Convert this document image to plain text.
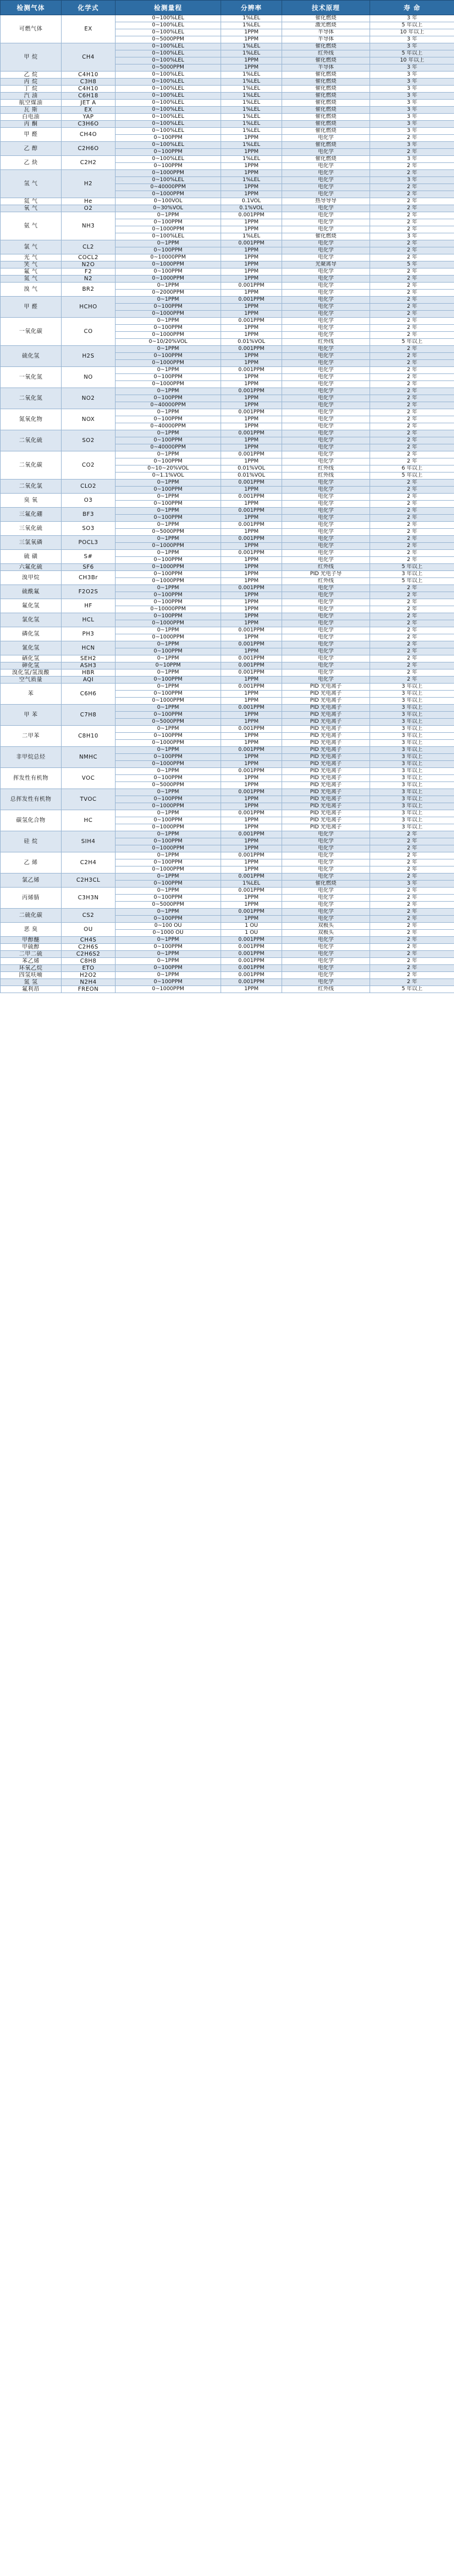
检测气体	化学式	检测量程	分辨率	技术原理	寿 命
可燃气体	EX	0~100%LEL	1%LEL	催化燃烧	3 年
		0~100%LEL	1%LEL	激光燃烧	5 年以上
		0~100%LEL	1PPM	半导体	10 年以上
		0~5000PPM	1PPM	半导体	3 年
甲 烷	CH4	0~100%LEL	1%LEL	催化燃烧	3 年
		0~100%LEL	1%LEL	红外线	5 年以上
		0~100%LEL	1PPM	催化燃烧	10 年以上
		0~5000PPM	1PPM	半导体	3 年
乙 烷	C4H10	0~100%LEL	1%LEL	催化燃烧	3 年
丙 烷	C3H8	0~100%LEL	1%LEL	催化燃烧	3 年
丁 烷	C4H10	0~100%LEL	1%LEL	催化燃烧	3 年
汽 油	C6H18	0~100%LEL	1%LEL	催化燃烧	3 年
航空煤油	JET A	0~100%LEL	1%LEL	催化燃烧	3 年
瓦 斯	EX	0~100%LEL	1%LEL	催化燃烧	3 年
白电油	YAP	0~100%LEL	1%LEL	催化燃烧	3 年
丙 酮	C3H6O	0~100%LEL	1%LEL	催化燃烧	3 年
甲 醛	CH4O	0~100%LEL	1%LEL	催化燃烧	3 年
		0~100PPM	1PPM	电化学	2 年
乙 醇	C2H6O	0~100%LEL	1%LEL	催化燃烧	3 年
		0~100PPM	1PPM	电化学	2 年
乙 炔	C2H2	0~100%LEL	1%LEL	催化燃烧	3 年
		0~100PPM	1PPM	电化学	2 年
氢 气	H2	0~1000PPM	1PPM	电化学	2 年
		0~100%LEL	1%LEL	电化学	3 年
		0~40000PPM	1PPM	电化学	2 年
		0~1000PPM	1PPM	电化学	2 年
氦 气	He	0~100VOL	0.1VOL	热导导导	2 年
氧 气	O2	0~30%VOL	0.1%VOL	电化学	2 年
氨 气	NH3	0~1PPM	0.001PPM	电化学	2 年
		0~100PPM	1PPM	电化学	2 年
		0~1000PPM	1PPM	电化学	2 年
		0~100%LEL	1%LEL	催化燃烧	3 年
氯 气	CL2	0~1PPM	0.001PPM	电化学	2 年
		0~100PPM	1PPM	电化学	2 年
光 气	COCL2	0~10000PPM	1PPM	电化学	2 年
笑 气	N2O	0~1000PPM	1PPM	光聚离导	5 年
氟 气	F2	0~100PPM	1PPM	电化学	2 年
氮 气	N2	0~1000PPM	1PPM	电化学	2 年
溴 气	BR2	0~1PPM	0.001PPM	电化学	2 年
		0~2000PPM	1PPM	电化学	2 年
甲 醛	HCHO	0~1PPM	0.001PPM	电化学	2 年
		0~100PPM	1PPM	电化学	2 年
		0~1000PPM	1PPM	电化学	2 年
一氧化碳	CO	0~1PPM	0.001PPM	电化学	2 年
		0~100PPM	1PPM	电化学	2 年
		0~1000PPM	1PPM	电化学	2 年
		0~10/20%VOL	0.01%VOL	红外线	5 年以上
硫化氢	H2S	0~1PPM	0.001PPM	电化学	2 年
		0~100PPM	1PPM	电化学	2 年
		0~1000PPM	1PPM	电化学	2 年
一氧化氮	NO	0~1PPM	0.001PPM	电化学	2 年
		0~100PPM	1PPM	电化学	2 年
		0~1000PPM	1PPM	电化学	2 年
二氧化氮	NO2	0~1PPM	0.001PPM	电化学	2 年
		0~100PPM	1PPM	电化学	2 年
		0~40000PPM	1PPM	电化学	2 年
氮氧化物	NOX	0~1PPM	0.001PPM	电化学	2 年
		0~100PPM	1PPM	电化学	2 年
		0~40000PPM	1PPM	电化学	2 年
二氧化硫	SO2	0~1PPM	0.001PPM	电化学	2 年
		0~100PPM	1PPM	电化学	2 年
		0~40000PPM	1PPM	电化学	2 年
二氧化碳	CO2	0~1PPM	0.001PPM	电化学	2 年
		0~100PPM	1PPM	电化学	2 年
		0~10~20%VOL	0.01%VOL	红外线	6 年以上
		0~1.1%VOL	0.01%VOL	红外线	5 年以上
二氧化氯	CLO2	0~1PPM	0.001PPM	电化学	2 年
		0~100PPM	1PPM	电化学	2 年
臭 氧	O3	0~1PPM	0.001PPM	电化学	2 年
		0~100PPM	1PPM	电化学	2 年
三氟化硼	BF3	0~1PPM	0.001PPM	电化学	2 年
		0~100PPM	1PPM	电化学	2 年
三氧化硫	SO3	0~1PPM	0.001PPM	电化学	2 年
		0~5000PPM	1PPM	电化学	2 年
三氯氧磷	POCL3	0~1PPM	0.001PPM	电化学	2 年
		0~1000PPM	1PPM	电化学	2 年
硫 磺	S#	0~1PPM	0.001PPM	电化学	2 年
		0~100PPM	1PPM	电化学	2 年
六氟化硫	SF6	0~1000PPM	1PPM	红外线	5 年以上
溴甲烷	CH3Br	0~100PPM	1PPM	PID 光电子导	3 年以上
		0~1000PPM	1PPM	红外线	5 年以上
硫酰氟	F2O2S	0~1PPM	0.001PPM	电化学	2 年
		0~100PPM	1PPM	电化学	2 年
氟化氢	HF	0~100PPM	1PPM	电化学	2 年
		0~10000PPM	1PPM	电化学	2 年
氯化氢	HCL	0~100PPM	1PPM	电化学	2 年
		0~1000PPM	1PPM	电化学	2 年
磷化氢	PH3	0~1PPM	0.001PPM	电化学	2 年
		0~1000PPM	1PPM	电化学	2 年
氰化氢	HCN	0~1PPM	0.001PPM	电化学	2 年
		0~100PPM	1PPM	电化学	2 年
硒化氢	SEH2	0~1PPM	0.001PPM	电化学	2 年
砷化氢	ASH3	0~10PPM	0.001PPM	电化学	2 年
溴化氢/氢溴酸	HBR	0~1PPM	0.001PPM	电化学	2 年
空气质量	AQI	0~100PPM	1PPM	电化学	2 年
苯	C6H6	0~1PPM	0.001PPM	PID 光电离子	3 年以上
		0~100PPM	1PPM	PID 光电离子	3 年以上
		0~1000PPM	1PPM	PID 光电离子	3 年以上
甲 苯	C7H8	0~1PPM	0.001PPM	PID 光电离子	3 年以上
		0~100PPM	1PPM	PID 光电离子	3 年以上
		0~5000PPM	1PPM	PID 光电离子	3 年以上
二甲苯	C8H10	0~1PPM	0.001PPM	PID 光电离子	3 年以上
		0~100PPM	1PPM	PID 光电离子	3 年以上
		0~1000PPM	1PPM	PID 光电离子	3 年以上
非甲烷总烃	NMHC	0~1PPM	0.001PPM	PID 光电离子	3 年以上
		0~100PPM	1PPM	PID 光电离子	3 年以上
		0~1000PPM	1PPM	PID 光电离子	3 年以上
挥发性有机物	VOC	0~1PPM	0.001PPM	PID 光电离子	3 年以上
		0~100PPM	1PPM	PID 光电离子	3 年以上
		0~5000PPM	1PPM	PID 光电离子	3 年以上
总挥发性有机物	TVOC	0~1PPM	0.001PPM	PID 光电离子	3 年以上
		0~100PPM	1PPM	PID 光电离子	3 年以上
		0~1000PPM	1PPM	PID 光电离子	3 年以上
碳氢化合物	HC	0~1PPM	0.001PPM	PID 光电离子	3 年以上
		0~100PPM	1PPM	PID 光电离子	3 年以上
		0~1000PPM	1PPM	PID 光电离子	3 年以上
硅 烷	SIH4	0~1PPM	0.001PPM	电化学	2 年
		0~100PPM	1PPM	电化学	2 年
		0~1000PPM	1PPM	电化学	2 年
乙 烯	C2H4	0~1PPM	0.001PPM	电化学	2 年
		0~100PPM	1PPM	电化学	2 年
		0~1000PPM	1PPM	电化学	2 年
氯乙烯	C2H3CL	0~1PPM	0.001PPM	电化学	2 年
		0~100PPM	1%LEL	催化燃烧	3 年
丙烯腈	C3H3N	0~1PPM	0.001PPM	电化学	2 年
		0~100PPM	1PPM	电化学	2 年
		0~5000PPM	1PPM	电化学	2 年
二硫化碳	CS2	0~1PPM	0.001PPM	电化学	2 年
		0~100PPM	1PPM	电化学	2 年
恶 臭	OU	0~100 OU	1 OU	双极头	2 年
		0~1000 OU	1 OU	双极头	2 年
甲醇醚	CH4S	0~1PPM	0.001PPM	电化学	2 年
甲硫醇	C2H6S	0~100PPM	0.001PPM	电化学	2 年
二甲二硫	C2H6S2	0~1PPM	0.001PPM	电化学	2 年
苯乙烯	C8H8	0~1PPM	0.001PPM	电化学	2 年
环氧乙烷	ETO	0~100PPM	0.001PPM	电化学	2 年
四氢呋喃	H2O2	0~1PPM	0.001PPM	电化学	2 年
氮 氢	N2H4	0~100PPM	0.001PPM	电化学	2 年
氟利昂	FREON	0~1000PPM	1PPM	红外线	5 年以上
